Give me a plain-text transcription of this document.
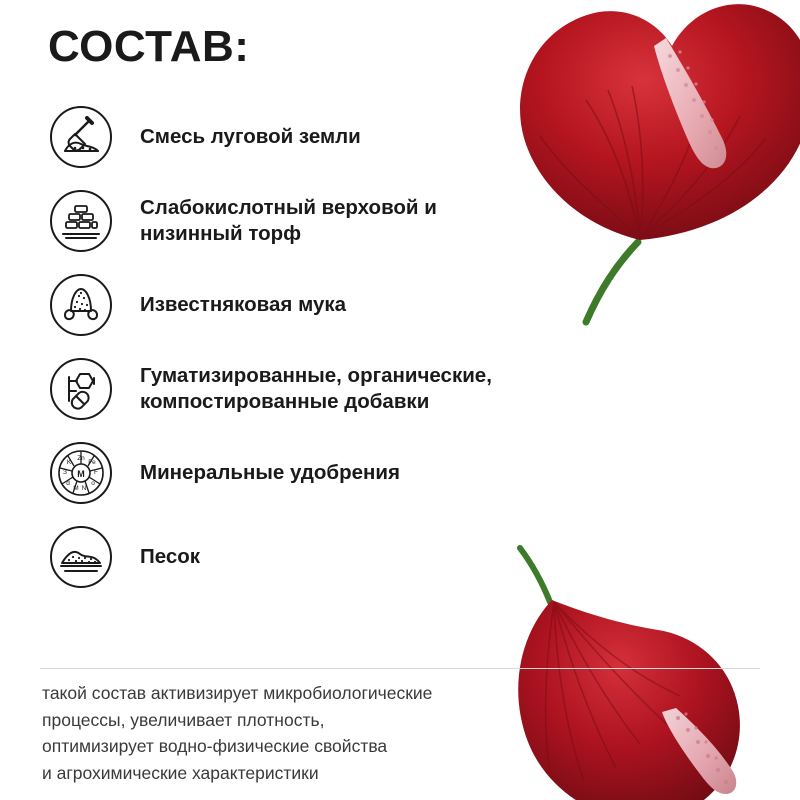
СОСТАВ:
Смесь луговой земли
Слабокислотный верховой и
низинный торф
Известняковая мука
Гуматизированные, органические,
компостированные добавки
M
Zn
Fe
F
o
N
M
d
З
K	Минеральные удобрения
Песок

такой состав активизирует микробиологические

процессы, увеличивает плотность,

оптимизирует водно-физические свойства

и агрохимические характеристики
